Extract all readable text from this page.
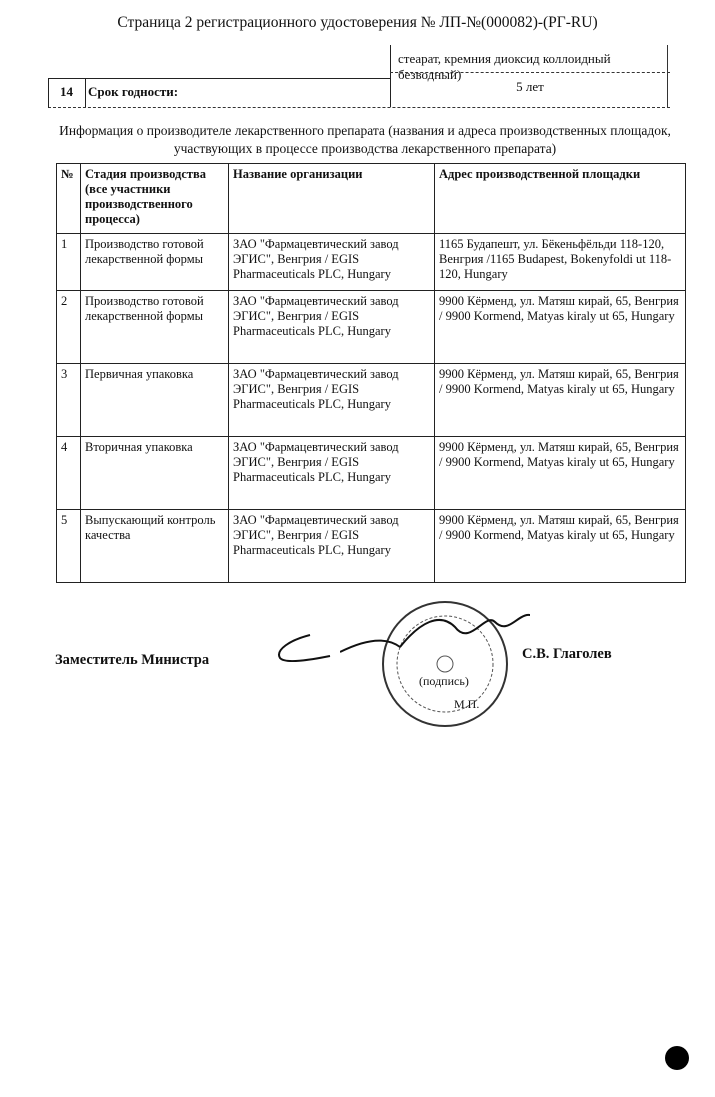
Страница 2 регистрационного удостоверения № ЛП-№(000082)-(РГ-RU)
стеарат, кремния диоксид коллоидный безводный)
14 Срок годности:	5 лет
Информация о производителе лекарственного препарата (названия и адреса производственных площадок, участвующих в процессе производства лекарственного препарата)
№	Стадия производства (все участники производственного процесса)	Название организации	Адрес производственной площадки
1	Производство готовой лекарственной формы	ЗАО "Фармацевтический завод ЭГИС", Венгрия / EGIS Pharmaceuticals PLC, Hungary	1165 Будапешт, ул. Бёкеньфёльди 118-120, Венгрия /1165 Budapest, Bokenyfoldi ut 118-120, Hungary
2	Производство готовой лекарственной формы	ЗАО "Фармацевтический завод ЭГИС", Венгрия / EGIS Pharmaceuticals PLC, Hungary	9900 Кёрменд, ул. Матяш кирай, 65, Венгрия / 9900 Kormend, Matyas kiraly ut 65, Hungary
3	Первичная упаковка	ЗАО "Фармацевтический завод ЭГИС", Венгрия / EGIS Pharmaceuticals PLC, Hungary	9900 Кёрменд, ул. Матяш кирай, 65, Венгрия / 9900 Kormend, Matyas kiraly ut 65, Hungary
4	Вторичная упаковка	ЗАО "Фармацевтический завод ЭГИС", Венгрия / EGIS Pharmaceuticals PLC, Hungary	9900 Кёрменд, ул. Матяш кирай, 65, Венгрия / 9900 Kormend, Matyas kiraly ut 65, Hungary
5	Выпускающий контроль качества	ЗАО "Фармацевтический завод ЭГИС", Венгрия / EGIS Pharmaceuticals PLC, Hungary	9900 Кёрменд, ул. Матяш кирай, 65, Венгрия / 9900 Kormend, Matyas kiraly ut 65, Hungary
Заместитель Министра	С.В. Глаголев
(подпись)
М.П.
